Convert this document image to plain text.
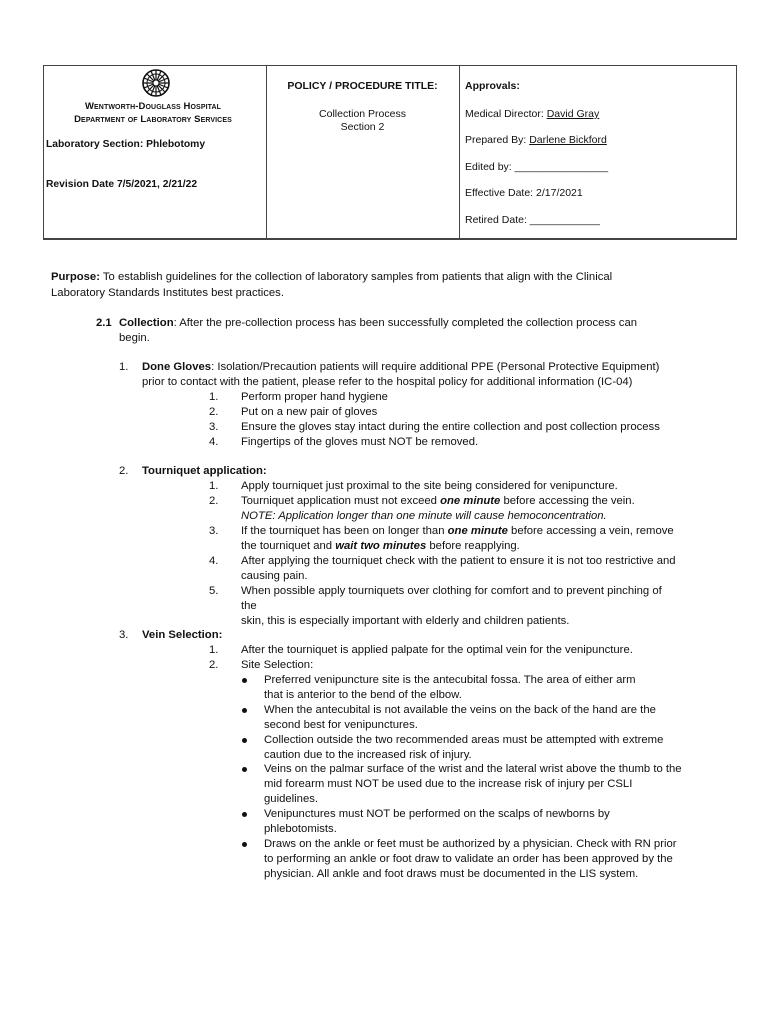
Wentworth-Douglass Hospital
Department of Laboratory Services
Laboratory Section: Phlebotomy
Revision Date 7/5/2021, 2/21/22
POLICY / PROCEDURE TITLE:
Collection Process
Section 2
Approvals:
Medical Director: David Gray
Prepared By: Darlene Bickford
Edited by: ________________
Effective Date: 2/17/2021
Retired Date: ____________
Purpose: To establish guidelines for the collection of laboratory samples from patients that align with the Clinical
Laboratory Standards Institutes best practices.
2.1 Collection: After the pre-collection process has been successfully completed the collection process can
begin.
1. Done Gloves: Isolation/Precaution patients will require additional PPE (Personal Protective Equipment)
prior to contact with the patient, please refer to the hospital policy for additional information (IC-04)
1. Perform proper hand hygiene
2. Put on a new pair of gloves
3. Ensure the gloves stay intact during the entire collection and post collection process
4. Fingertips of the gloves must NOT be removed.
2. Tourniquet application:
1. Apply tourniquet just proximal to the site being considered for venipuncture.
2. Tourniquet application must not exceed one minute before accessing the vein.
NOTE: Application longer than one minute will cause hemoconcentration.
3. If the tourniquet has been on longer than one minute before accessing a vein, remove
the tourniquet and wait two minutes before reapplying.
4. After applying the tourniquet check with the patient to ensure it is not too restrictive and
causing pain.
5. When possible apply tourniquets over clothing for comfort and to prevent pinching of
the
skin, this is especially important with elderly and children patients.
3. Vein Selection:
1. After the tourniquet is applied palpate for the optimal vein for the venipuncture.
2. Site Selection:
Preferred venipuncture site is the antecubital fossa. The area of either arm
that is anterior to the bend of the elbow.
When the antecubital is not available the veins on the back of the hand are the
second best for venipunctures.
Collection outside the two recommended areas must be attempted with extreme
caution due to the increased risk of injury.
Veins on the palmar surface of the wrist and the lateral wrist above the thumb to the
mid forearm must NOT be used due to the increase risk of injury per CSLI
guidelines.
Venipunctures must NOT be performed on the scalps of newborns by
phlebotomists.
Draws on the ankle or feet must be authorized by a physician. Check with RN prior
to performing an ankle or foot draw to validate an order has been approved by the
physician. All ankle and foot draws must be documented in the LIS system.
